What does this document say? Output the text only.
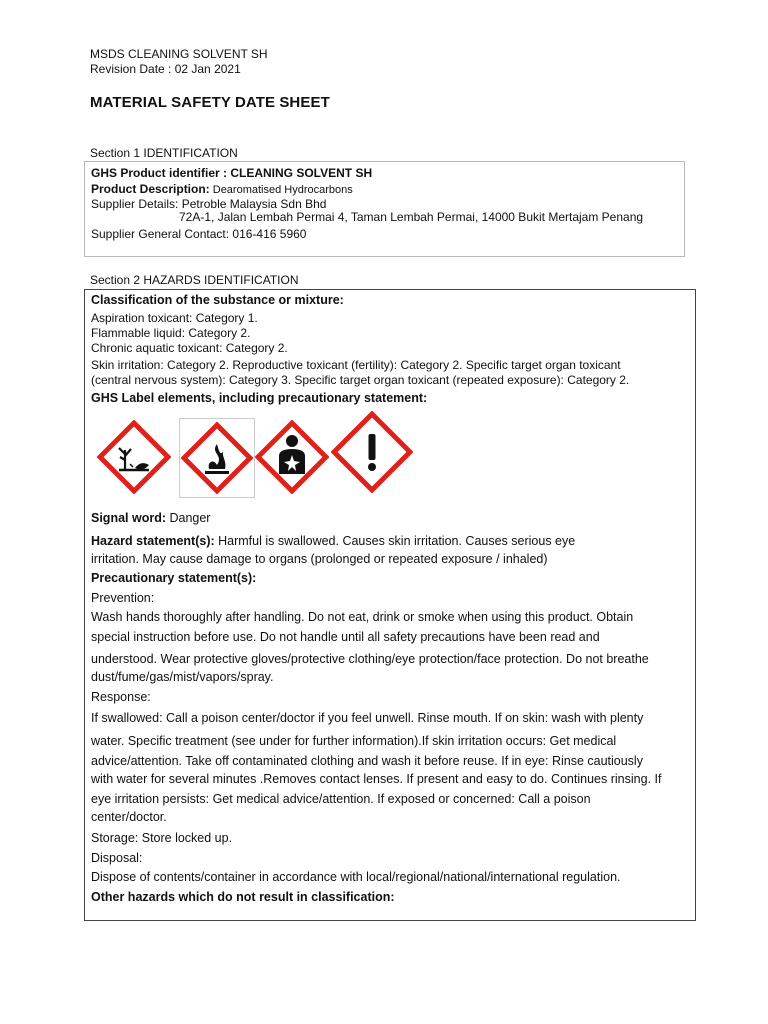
MSDS CLEANING SOLVENT SH
Revision Date : 02 Jan 2021
MATERIAL SAFETY DATE SHEET
Section 1 IDENTIFICATION
GHS Product identifier : CLEANING SOLVENT SH
Product Description: Dearomatised Hydrocarbons
Supplier Details: Petroble Malaysia Sdn Bhd
72A-1, Jalan Lembah Permai 4, Taman Lembah Permai, 14000 Bukit Mertajam Penang
Supplier General Contact: 016-416 5960
Section 2 HAZARDS IDENTIFICATION
Classification of the substance or mixture:
Aspiration toxicant: Category 1.
Flammable liquid: Category 2.
Chronic aquatic toxicant: Category 2.
Skin irritation: Category 2. Reproductive toxicant (fertility): Category 2. Specific target organ toxicant
(central nervous system): Category 3. Specific target organ toxicant (repeated exposure): Category 2.
GHS Label elements, including precautionary statement:
Signal word: Danger
Hazard statement(s): Harmful is swallowed. Causes skin irritation. Causes serious eye
irritation. May cause damage to organs (prolonged or repeated exposure / inhaled)
Precautionary statement(s):
Prevention:
Wash hands thoroughly after handling. Do not eat, drink or smoke when using this product. Obtain
special instruction before use. Do not handle until all safety precautions have been read and
understood. Wear protective gloves/protective clothing/eye protection/face protection. Do not breathe
dust/fume/gas/mist/vapors/spray.
Response:
If swallowed: Call a poison center/doctor if you feel unwell. Rinse mouth. If on skin: wash with plenty
water. Specific treatment (see under for further information).If skin irritation occurs: Get medical
advice/attention. Take off contaminated clothing and wash it before reuse. If in eye: Rinse cautiously
with water for several minutes .Removes contact lenses. If present and easy to do. Continues rinsing. If
eye irritation persists: Get medical advice/attention. If exposed or concerned: Call a poison
center/doctor.
Storage: Store locked up.
Disposal:
Dispose of contents/container in accordance with local/regional/national/international regulation.
Other hazards which do not result in classification:
